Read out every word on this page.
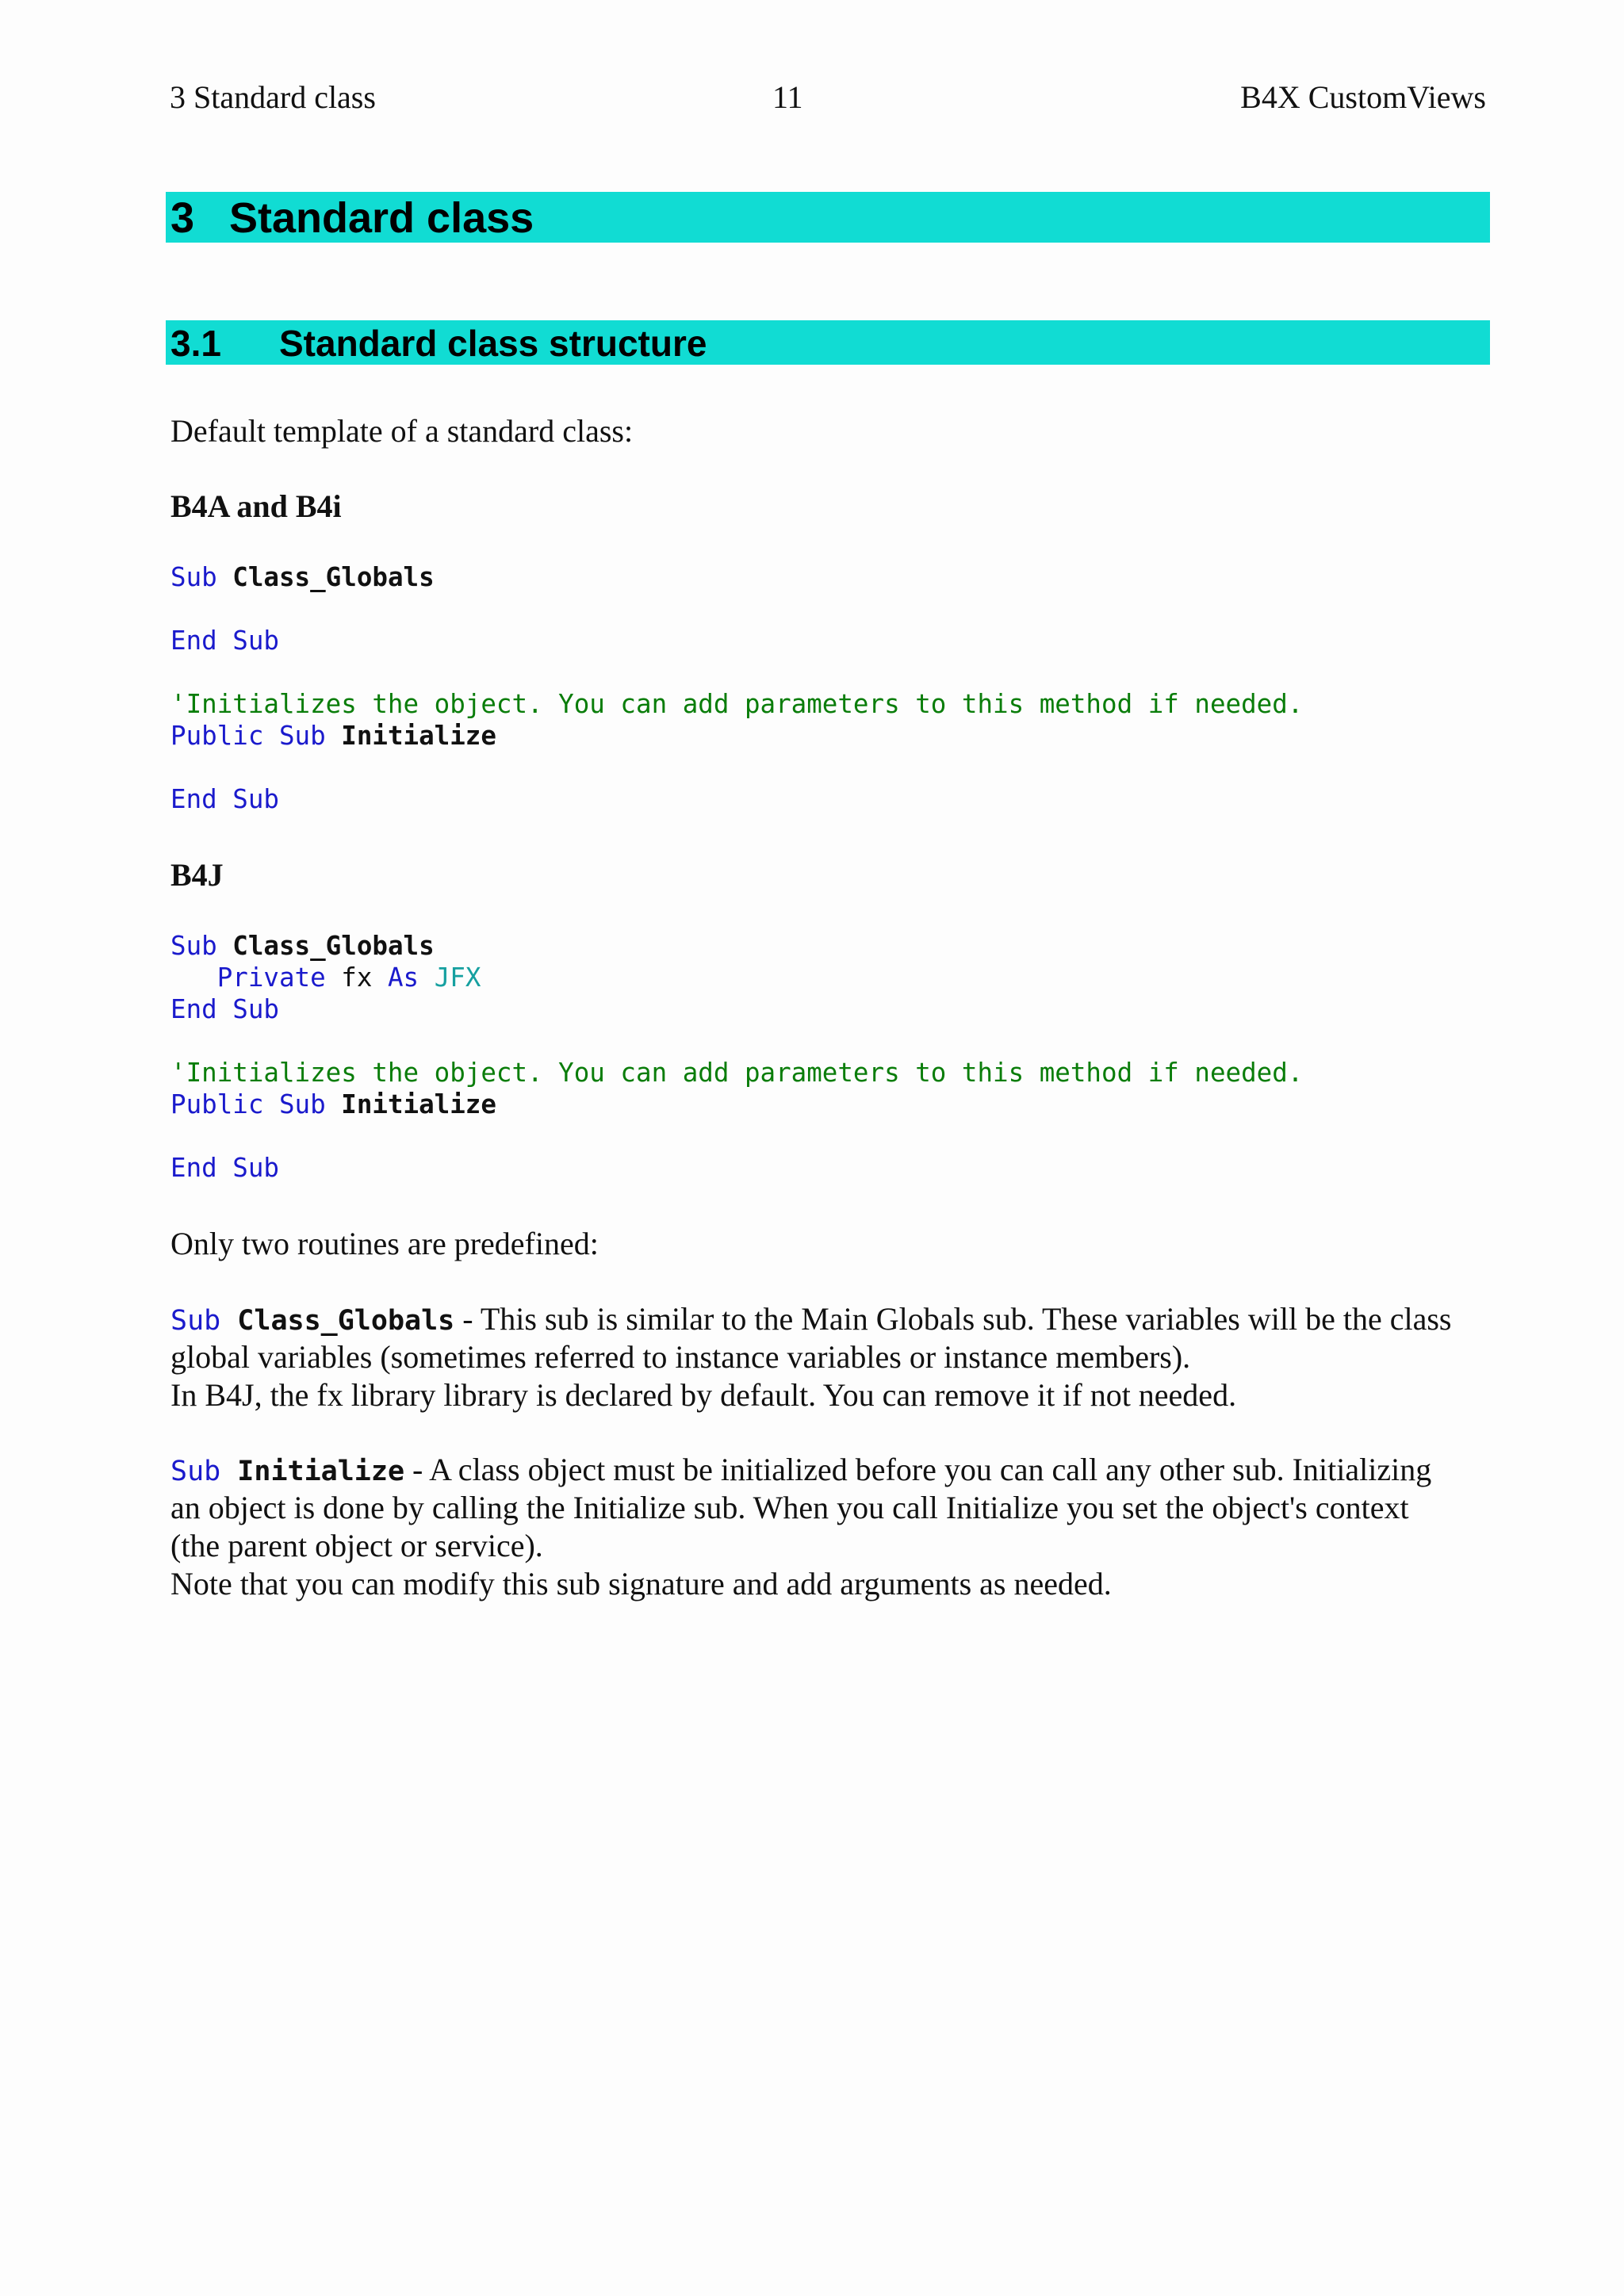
3 Standard class	11	B4X CustomViews
3 Standard class
3.1 Standard class structure
Default template of a standard class:
B4A and B4i
Sub Class_Globals
End Sub
'Initializes the object. You can add parameters to this method if needed.
Public Sub Initialize
End Sub
B4J
Sub Class_Globals
Private fx As JFX
End Sub
'Initializes the object. You can add parameters to this method if needed.
Public Sub Initialize
End Sub
Only two routines are predefined:
Sub Class_Globals - This sub is similar to the Main Globals sub. These variables will be the class
global variables (sometimes referred to instance variables or instance members).
In B4J, the fx library library is declared by default. You can remove it if not needed.
Sub Initialize - A class object must be initialized before you can call any other sub. Initializing
an object is done by calling the Initialize sub. When you call Initialize you set the object's context
(the parent object or service).
Note that you can modify this sub signature and add arguments as needed.
